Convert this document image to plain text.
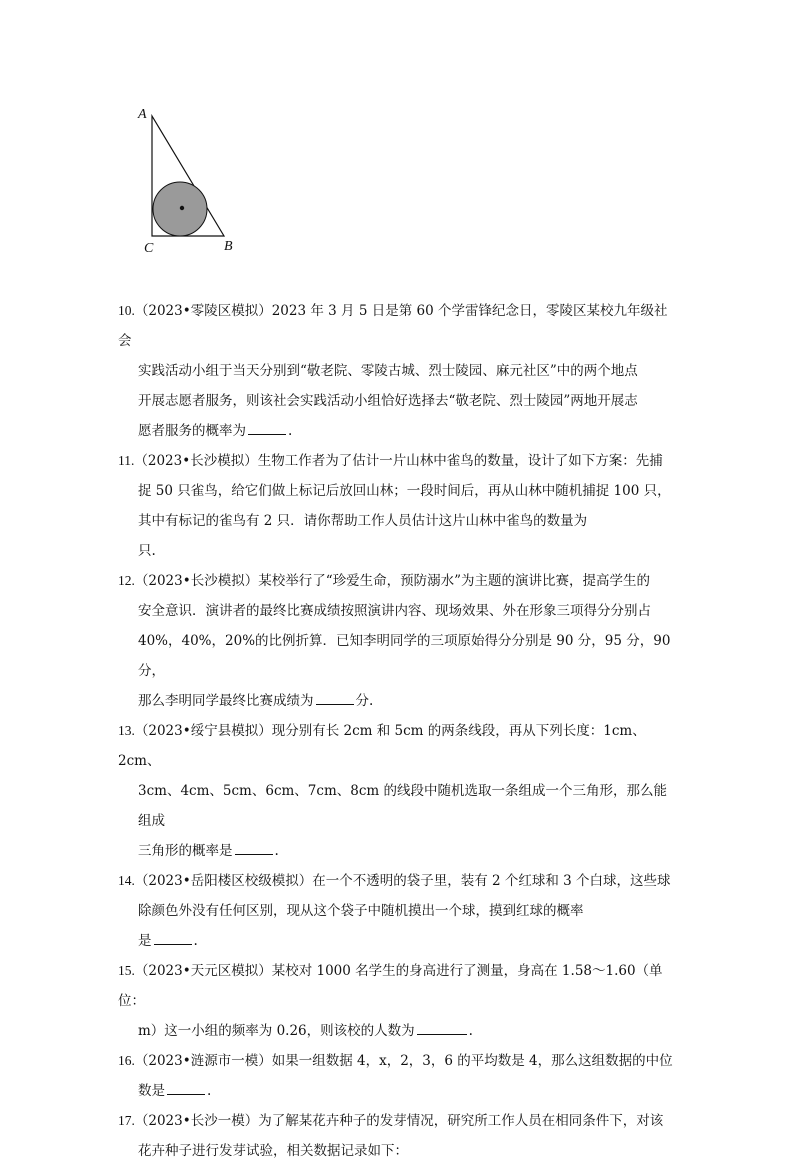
A
B
C

10.（2023•零陵区模拟）2023 年 3 月 5 日是第 60 个学雷锋纪念日，零陵区某校九年级社会
实践活动小组于当天分别到“敬老院、零陵古城、烈士陵园、麻元社区”中的两个地点
开展志愿者服务，则该社会实践活动小组恰好选择去“敬老院、烈士陵园”两地开展志
愿者服务的概率为	.

11.（2023•长沙模拟）生物工作者为了估计一片山林中雀鸟的数量，设计了如下方案：先捕
捉 50 只雀鸟，给它们做上标记后放回山林；一段时间后，再从山林中随机捕捉 100 只，
其中有标记的雀鸟有 2 只．请你帮助工作人员估计这片山林中雀鸟的数量为
只.

12.（2023•长沙模拟）某校举行了“珍爱生命，预防溺水”为主题的演讲比赛，提高学生的
安全意识．演讲者的最终比赛成绩按照演讲内容、现场效果、外在形象三项得分分别占
40%，40%，20%的比例折算．已知李明同学的三项原始得分分别是 90 分，95 分，90 分，
那么李明同学最终比赛成绩为	分.

13.（2023•绥宁县模拟）现分别有长 2cm 和 5cm 的两条线段，再从下列长度：1cm、2cm、
3cm、4cm、5cm、6cm、7cm、8cm 的线段中随机选取一条组成一个三角形，那么能组成
三角形的概率是	.

14.（2023•岳阳楼区校级模拟）在一个不透明的袋子里，装有 2 个红球和 3 个白球，这些球
除颜色外没有任何区别，现从这个袋子中随机摸出一个球，摸到红球的概率
是	.

15.（2023•天元区模拟）某校对 1000 名学生的身高进行了测量，身高在 1.58～1.60（单位：
m）这一小组的频率为 0.26，则该校的人数为	.

16.（2023•涟源市一模）如果一组数据 4，x，2，3，6 的平均数是 4，那么这组数据的中位
数是	.

17.（2023•长沙一模）为了解某花卉种子的发芽情况，研究所工作人员在相同条件下，对该
花卉种子进行发芽试验，相关数据记录如下：
